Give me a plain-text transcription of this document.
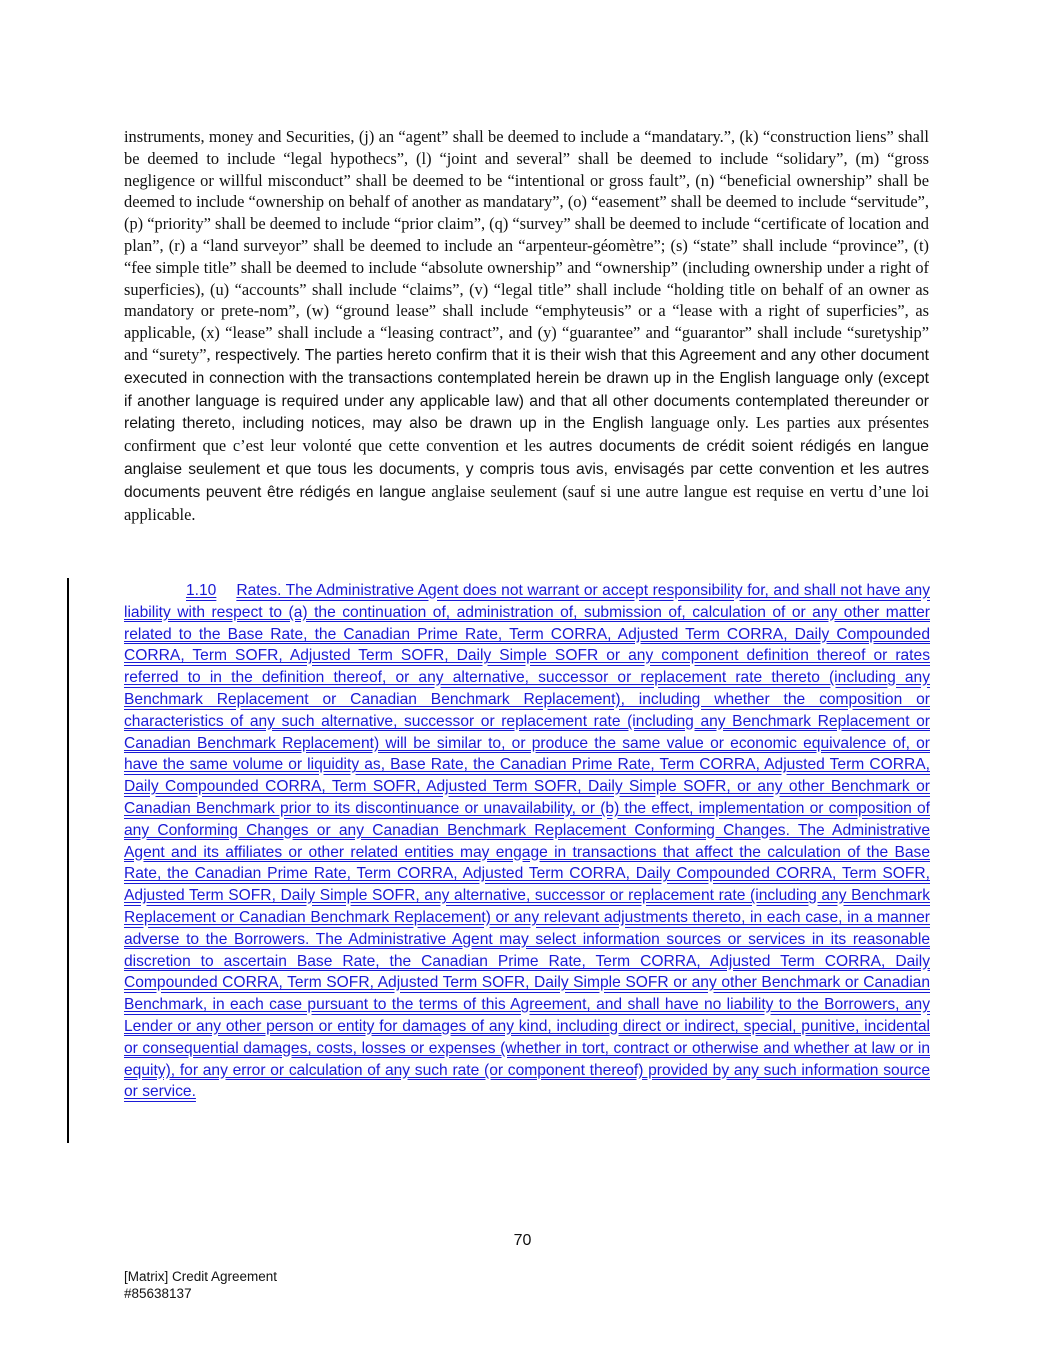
instruments, money and Securities, (j) an “agent” shall be deemed to include a “mandatary.”, (k) “construction liens” shall be deemed to include “legal hypothecs”, (l) “joint and several” shall be deemed to include “solidary”, (m) “gross negligence or willful misconduct” shall be deemed to be “intentional or gross fault”, (n) “beneficial ownership” shall be deemed to include “ownership on behalf of another as mandatary”, (o) “easement” shall be deemed to include “servitude”, (p) “priority” shall be deemed to include “prior claim”, (q) “survey” shall be deemed to include “certificate of location and plan”, (r) a “land surveyor” shall be deemed to include an “arpenteur-géomètre”; (s) “state” shall include “province”, (t) “fee simple title” shall be deemed to include “absolute ownership” and “ownership” (including ownership under a right of superficies), (u) “accounts” shall include “claims”, (v) “legal title” shall include “holding title on behalf of an owner as mandatory or prete-nom”, (w) “ground lease” shall include “emphyteusis” or a “lease with a right of superficies”, as applicable, (x) “lease” shall include a “leasing contract”, and (y) “guarantee” and “guarantor” shall include “suretyship” and “surety”, respectively. The parties hereto confirm that it is their wish that this Agreement and any other document executed in connection with the transactions contemplated herein be drawn up in the English language only (except if another language is required under any applicable law) and that all other documents contemplated thereunder or relating thereto, including notices, may also be drawn up in the English language only. Les parties aux présentes confirment que c’est leur volonté que cette convention et les autres documents de crédit soient rédigés en langue anglaise seulement et que tous les documents, y compris tous avis, envisagés par cette convention et les autres documents peuvent être rédigés en langue anglaise seulement (sauf si une autre langue est requise en vertu d’une loi applicable.

1.10 Rates. The Administrative Agent does not warrant or accept responsibility for, and shall not have any liability with respect to (a) the continuation of, administration of, submission of, calculation of or any other matter related to the Base Rate, the Canadian Prime Rate, Term CORRA, Adjusted Term CORRA, Daily Compounded CORRA, Term SOFR, Adjusted Term SOFR, Daily Simple SOFR or any component definition thereof or rates referred to in the definition thereof, or any alternative, successor or replacement rate thereto (including any Benchmark Replacement or Canadian Benchmark Replacement), including whether the composition or characteristics of any such alternative, successor or replacement rate (including any Benchmark Replacement or Canadian Benchmark Replacement) will be similar to, or produce the same value or economic equivalence of, or have the same volume or liquidity as, Base Rate, the Canadian Prime Rate, Term CORRA, Adjusted Term CORRA, Daily Compounded CORRA, Term SOFR, Adjusted Term SOFR, Daily Simple SOFR, or any other Benchmark or Canadian Benchmark prior to its discontinuance or unavailability, or (b) the effect, implementation or composition of any Conforming Changes or any Canadian Benchmark Replacement Conforming Changes. The Administrative Agent and its affiliates or other related entities may engage in transactions that affect the calculation of the Base Rate, the Canadian Prime Rate, Term CORRA, Adjusted Term CORRA, Daily Compounded CORRA, Term SOFR, Adjusted Term SOFR, Daily Simple SOFR, any alternative, successor or replacement rate (including any Benchmark Replacement or Canadian Benchmark Replacement) or any relevant adjustments thereto, in each case, in a manner adverse to the Borrowers. The Administrative Agent may select information sources or services in its reasonable discretion to ascertain Base Rate, the Canadian Prime Rate, Term CORRA, Adjusted Term CORRA, Daily Compounded CORRA, Term SOFR, Adjusted Term SOFR, Daily Simple SOFR or any other Benchmark or Canadian Benchmark, in each case pursuant to the terms of this Agreement, and shall have no liability to the Borrowers, any Lender or any other person or entity for damages of any kind, including direct or indirect, special, punitive, incidental or consequential damages, costs, losses or expenses (whether in tort, contract or otherwise and whether at law or in equity), for any error or calculation of any such rate (or component thereof) provided by any such information source or service.

70
[Matrix] Credit Agreement
#85638137
